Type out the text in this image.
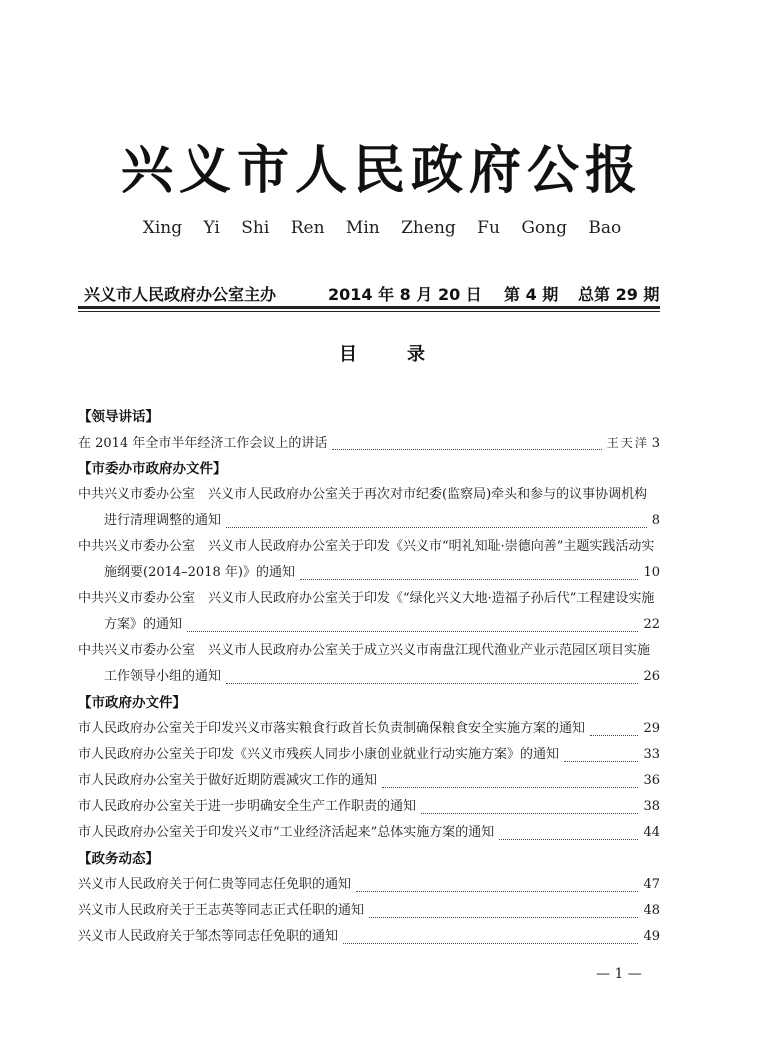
兴义市人民政府公报
Xing Yi Shi Ren Min Zheng Fu Gong Bao
兴义市人民政府办公室主办	2014 年 8 月 20 日 第 4 期 总第 29 期
目录
【领导讲话】
在 2014 年全市半年经济工作会议上的讲话	王天洋 3
【市委办市政府办文件】
中共兴义市委办公室　兴义市人民政府办公室关于再次对市纪委(监察局)牵头和参与的议事协调机构
进行清理调整的通知	8
中共兴义市委办公室　兴义市人民政府办公室关于印发《兴义市“明礼知耻·崇德向善”主题实践活动实
施纲要(2014–2018 年)》的通知	10
中共兴义市委办公室　兴义市人民政府办公室关于印发《“绿化兴义大地·造福子孙后代”工程建设实施
方案》的通知	22
中共兴义市委办公室　兴义市人民政府办公室关于成立兴义市南盘江现代渔业产业示范园区项目实施
工作领导小组的通知	26
【市政府办文件】
市人民政府办公室关于印发兴义市落实粮食行政首长负责制确保粮食安全实施方案的通知	29
市人民政府办公室关于印发《兴义市残疾人同步小康创业就业行动实施方案》的通知	33
市人民政府办公室关于做好近期防震减灾工作的通知	36
市人民政府办公室关于进一步明确安全生产工作职责的通知	38
市人民政府办公室关于印发兴义市“工业经济活起来”总体实施方案的通知	44
【政务动态】
兴义市人民政府关于何仁贵等同志任免职的通知	47
兴义市人民政府关于王志英等同志正式任职的通知	48
兴义市人民政府关于邹杰等同志任免职的通知	49
— 1 —
